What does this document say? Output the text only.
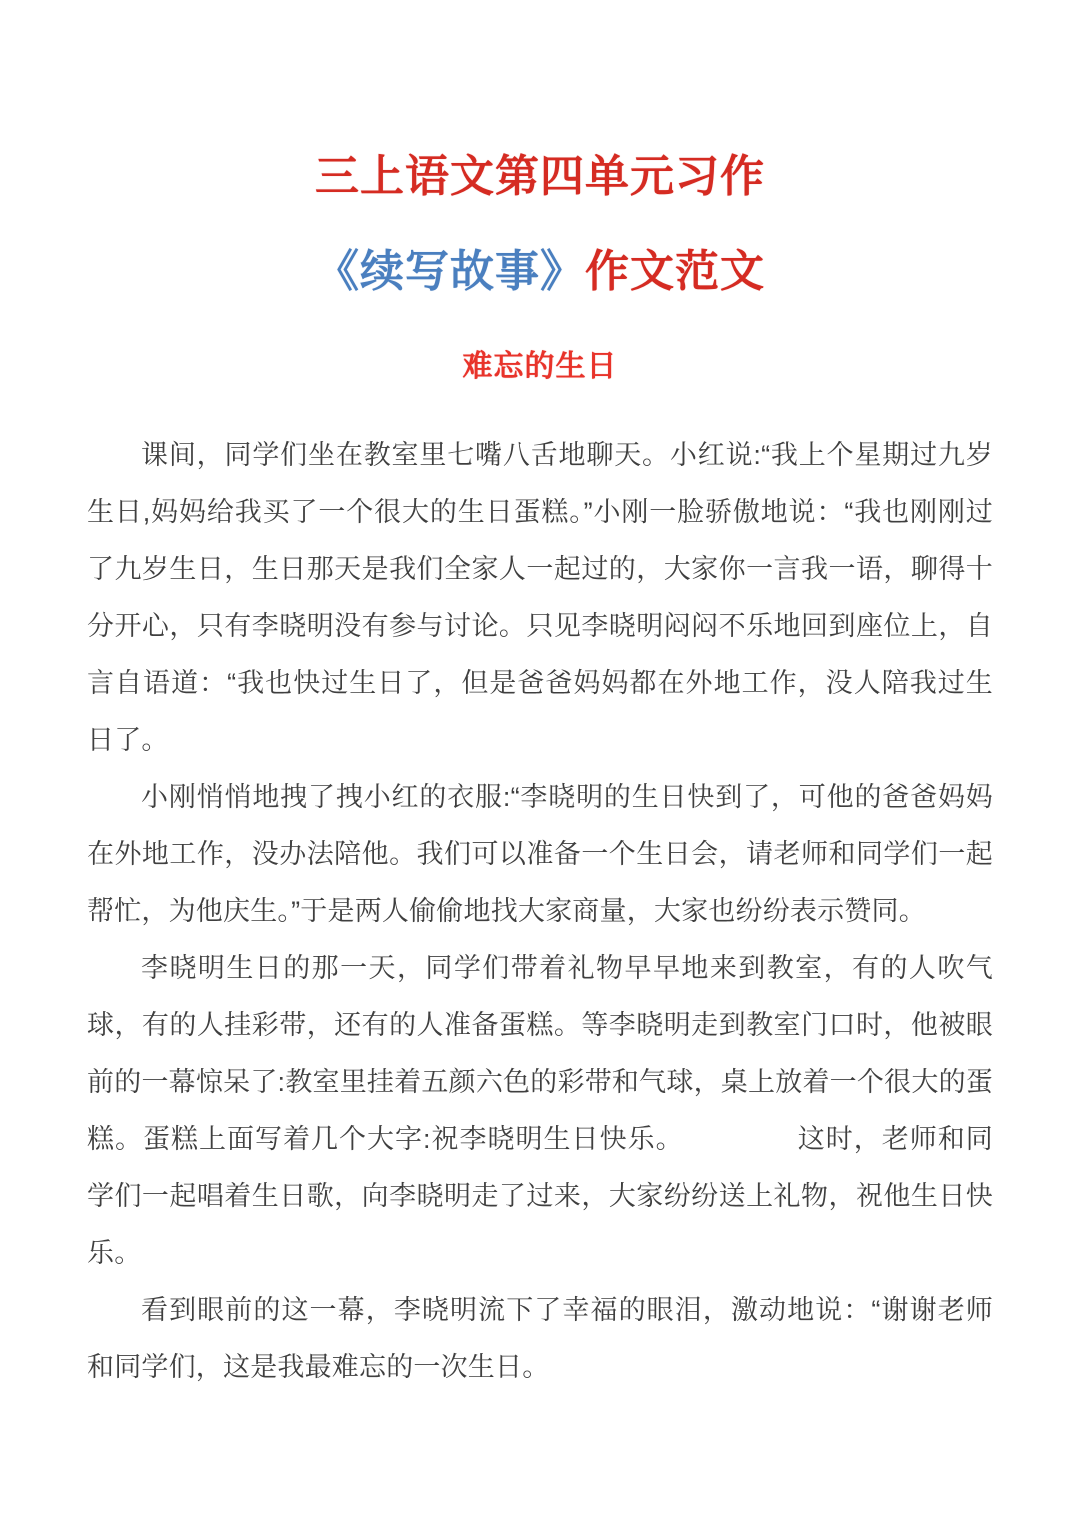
三上语文第四单元习作
《续写故事》作文范文
难忘的生日

课间，同学们坐在教室里七嘴八舌地聊天。小红说:“我上个星期过九岁生日,妈妈给我买了一个很大的生日蛋糕。”小刚一脸骄傲地说：“我也刚刚过了九岁生日，生日那天是我们全家人一起过的，大家你一言我一语，聊得十分开心，只有李晓明没有参与讨论。只见李晓明闷闷不乐地回到座位上，自言自语道：“我也快过生日了，但是爸爸妈妈都在外地工作，没人陪我过生日了。

小刚悄悄地拽了拽小红的衣服:“李晓明的生日快到了，可他的爸爸妈妈在外地工作，没办法陪他。我们可以准备一个生日会，请老师和同学们一起帮忙，为他庆生。”于是两人偷偷地找大家商量，大家也纷纷表示赞同。

李晓明生日的那一天，同学们带着礼物早早地来到教室，有的人吹气球，有的人挂彩带，还有的人准备蛋糕。等李晓明走到教室门口时，他被眼前的一幕惊呆了:教室里挂着五颜六色的彩带和气球，桌上放着一个很大的蛋糕。蛋糕上面写着几个大字:祝李晓明生日快乐。	这时，老师和同学们一起唱着生日歌，向李晓明走了过来，大家纷纷送上礼物，祝他生日快乐。

看到眼前的这一幕，李晓明流下了幸福的眼泪，激动地说：“谢谢老师和同学们，这是我最难忘的一次生日。
